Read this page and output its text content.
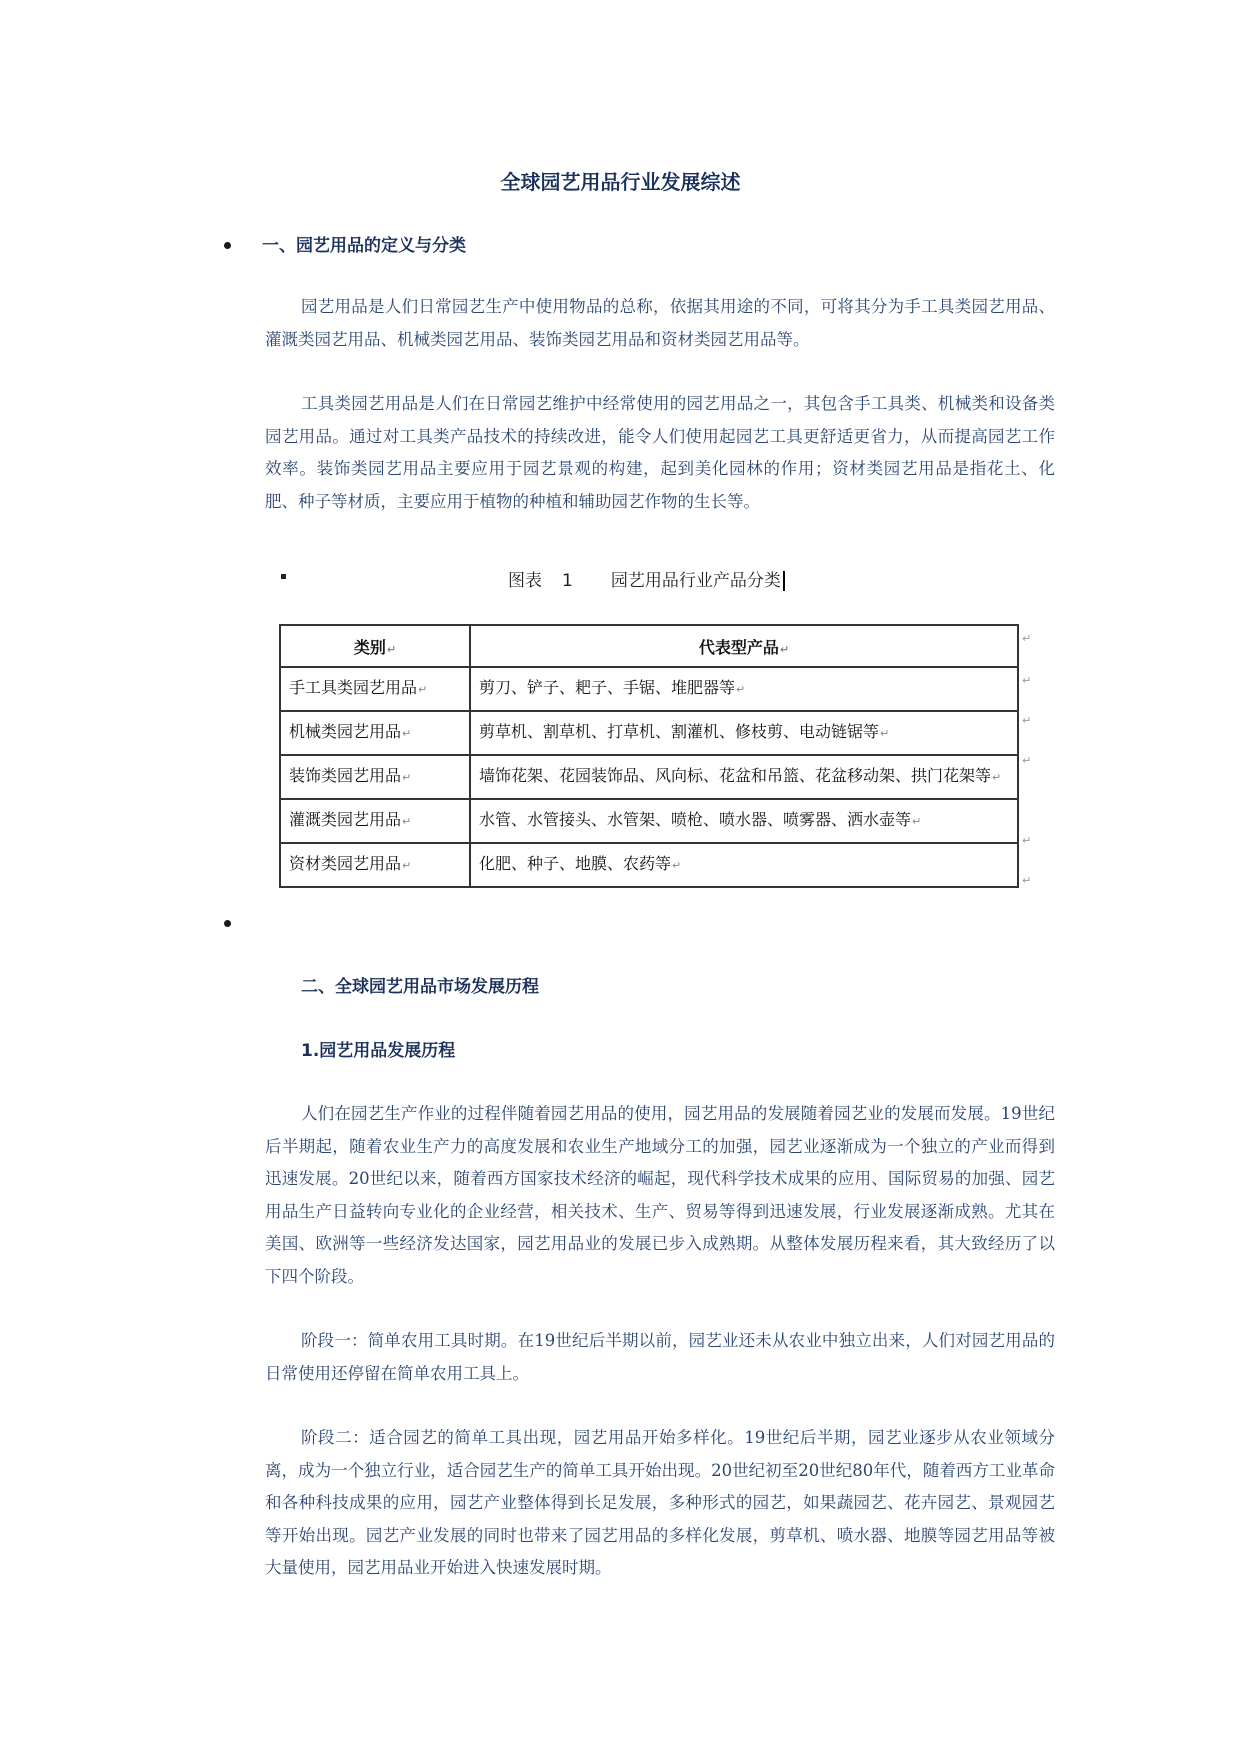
全球园艺用品行业发展综述
一、园艺用品的定义与分类

园艺用品是人们日常园艺生产中使用物品的总称，依据其用途的不同，可将其分为手工具类园艺用品、灌溉类园艺用品、机械类园艺用品、装饰类园艺用品和资材类园艺用品等。

工具类园艺用品是人们在日常园艺维护中经常使用的园艺用品之一，其包含手工具类、机械类和设备类园艺用品。通过对工具类产品技术的持续改进，能令人们使用起园艺工具更舒适更省力，从而提高园艺工作效率。装饰类园艺用品主要应用于园艺景观的构建，起到美化园林的作用；资材类园艺用品是指花土、化肥、种子等材质，主要应用于植物的种植和辅助园艺作物的生长等。

图表 1 园艺用品行业产品分类
类别↵	代表型产品↵
手工具类园艺用品↵	剪刀、铲子、耙子、手锯、堆肥器等↵
机械类园艺用品↵	剪草机、割草机、打草机、割灌机、修枝剪、电动链锯等↵
装饰类园艺用品↵	墙饰花架、花园装饰品、风向标、花盆和吊篮、花盆移动架、拱门花架等↵
灌溉类园艺用品↵	水管、水管接头、水管架、喷枪、喷水器、喷雾器、洒水壶等↵
资材类园艺用品↵	化肥、种子、地膜、农药等↵
↵
↵
↵
↵
↵
↵
二、全球园艺用品市场发展历程
1.园艺用品发展历程

人们在园艺生产作业的过程伴随着园艺用品的使用，园艺用品的发展随着园艺业的发展而发展。19世纪后半期起，随着农业生产力的高度发展和农业生产地域分工的加强，园艺业逐渐成为一个独立的产业而得到迅速发展。20世纪以来，随着西方国家技术经济的崛起，现代科学技术成果的应用、国际贸易的加强、园艺用品生产日益转向专业化的企业经营，相关技术、生产、贸易等得到迅速发展，行业发展逐渐成熟。尤其在美国、欧洲等一些经济发达国家，园艺用品业的发展已步入成熟期。从整体发展历程来看，其大致经历了以下四个阶段。

阶段一：简单农用工具时期。在19世纪后半期以前，园艺业还未从农业中独立出来，人们对园艺用品的日常使用还停留在简单农用工具上。

阶段二：适合园艺的简单工具出现，园艺用品开始多样化。19世纪后半期，园艺业逐步从农业领域分离，成为一个独立行业，适合园艺生产的简单工具开始出现。20世纪初至20世纪80年代，随着西方工业革命和各种科技成果的应用，园艺产业整体得到长足发展，多种形式的园艺，如果蔬园艺、花卉园艺、景观园艺等开始出现。园艺产业发展的同时也带来了园艺用品的多样化发展，剪草机、喷水器、地膜等园艺用品等被大量使用，园艺用品业开始进入快速发展时期。
